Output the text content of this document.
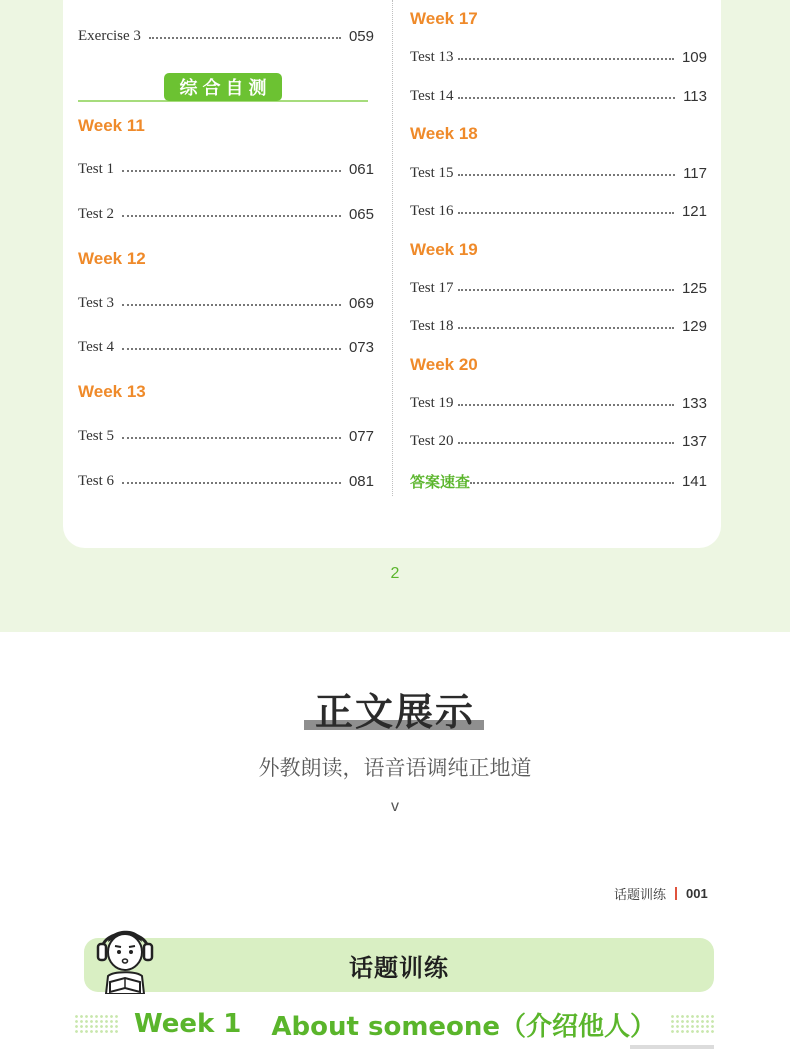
Exercise 3	059
综合自测
Week 11
Test 1	061
Test 2	065
Week 12
Test 3	069
Test 4	073
Week 13
Test 5	077
Test 6	081
Week 17
Test 13	109
Test 14	113
Week 18
Test 15	117
Test 16	121
Week 19
Test 17	125
Test 18	129
Week 20
Test 19	133
Test 20	137
答案速查	141
2
正文展示
外教朗读，语音语调纯正地道
v
话题训练 001
话题训练
Week 1 About someone（介绍他人）
